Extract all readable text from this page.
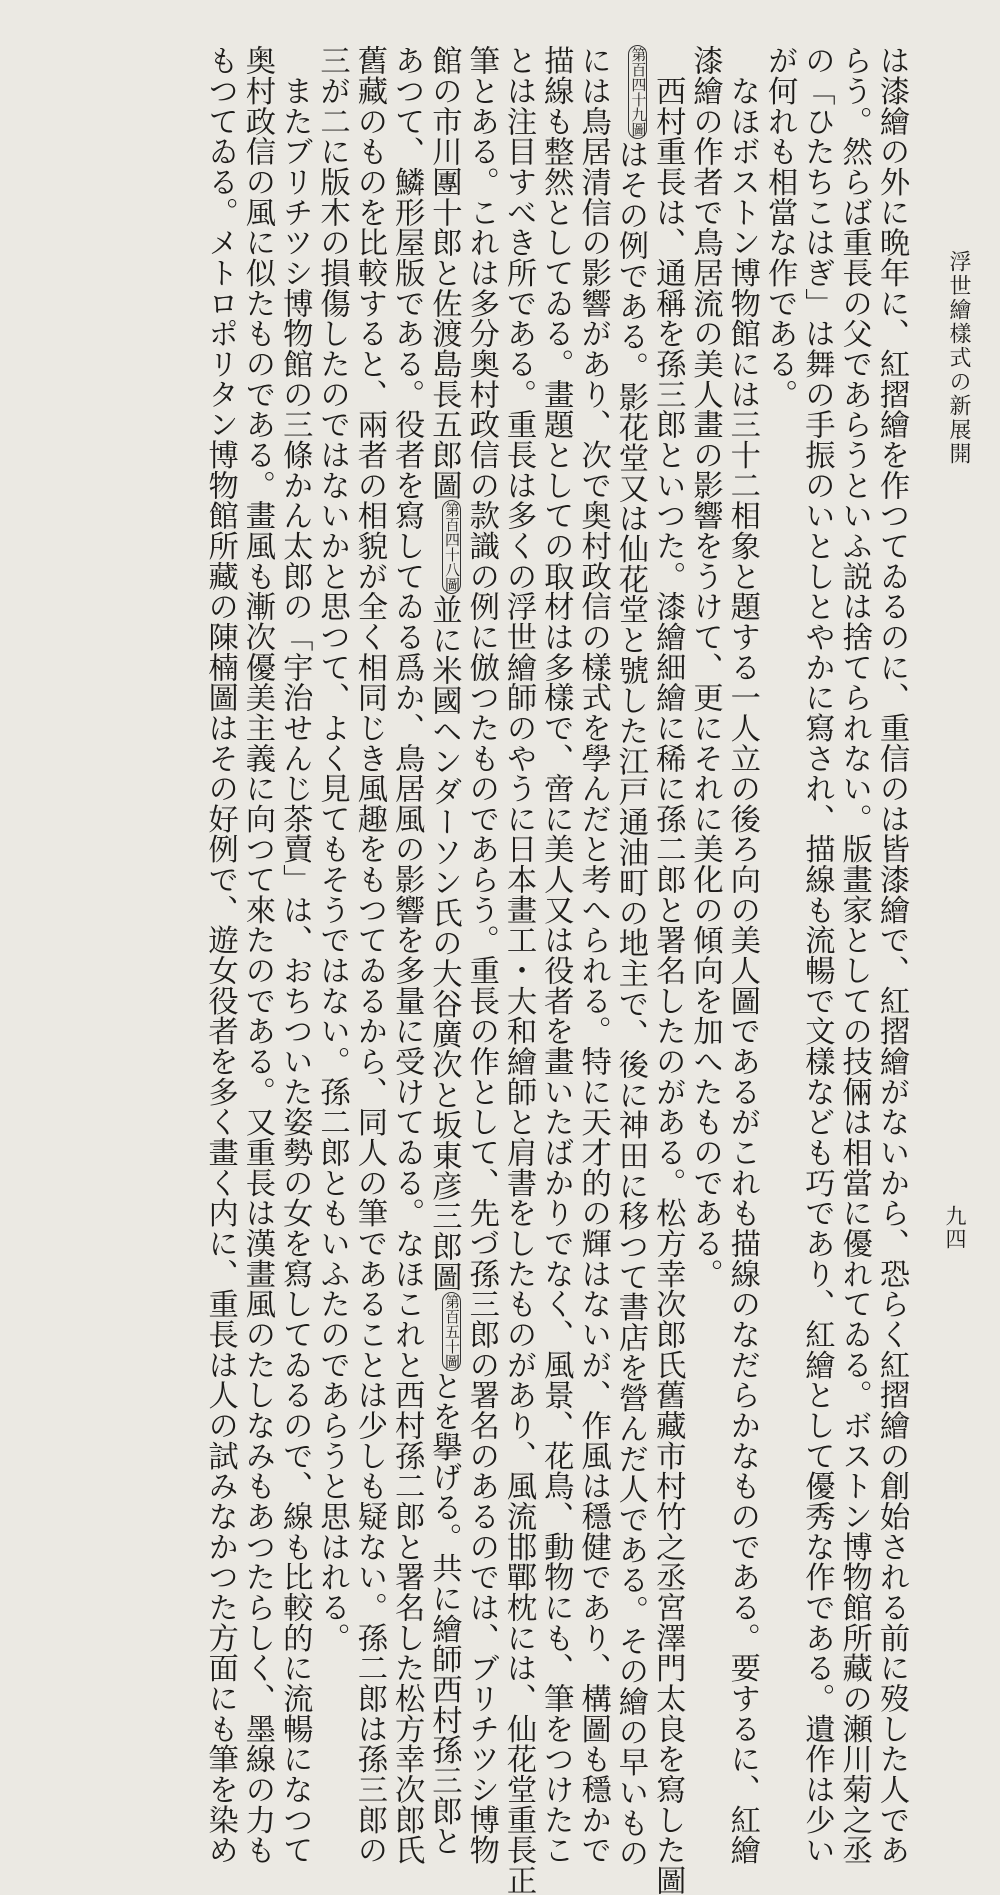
浮世繪樣式の新展開
九四

は漆繪の外に晩年に、紅摺繪を作つてゐるのに、重信のは皆漆繪で、紅摺繪がないから、恐らく紅摺繪の創始される前に歿した人であ

らう。然らば重長の父であらうといふ説は捨てられない。版畫家としての技倆は相當に優れてゐる。ボストン博物館所藏の瀬川菊之丞

の「ひたちこはぎ」は舞の手振のいとしとやかに寫され、描線も流暢で文樣なども巧であり、紅繪として優秀な作である。遺作は少い

が何れも相當な作である。

　なほボストン博物館には三十二相象と題する一人立の後ろ向の美人圖であるがこれも描線のなだらかなものである。要するに、紅繪

漆繪の作者で鳥居流の美人畫の影響をうけて、更にそれに美化の傾向を加へたものである。

　西村重長は、通稱を孫三郎といつた。漆繪細繪に稀に孫二郎と署名したのがある。松方幸次郎氏舊藏市村竹之丞宮澤門太良を寫した圖

第百四十九圖はその例である。影花堂又は仙花堂と號した江戸通油町の地主で、後に神田に移つて書店を營んだ人である。その繪の早いもの

には鳥居清信の影響があり、次で奥村政信の樣式を學んだと考へられる。特に天才的の輝はないが、作風は穩健であり、構圖も穩かで

描線も整然としてゐる。畫題としての取材は多樣で、啻に美人又は役者を畫いたばかりでなく、風景、花鳥、動物にも、筆をつけたこ

とは注目すべき所である。重長は多くの浮世繪師のやうに日本畫工・大和繪師と肩書をしたものがあり、風流邯鄲枕には、仙花堂重長正

筆とある。これは多分奥村政信の款識の例に倣つたものであらう。重長の作として、先づ孫三郎の署名のあるのでは、ブリチツシ博物

館の市川團十郎と佐渡島長五郎圖第百四十八圖並に米國ヘンダーソン氏の大谷廣次と坂東彦三郎圖第百五十圖とを擧げる。共に繪師西村孫三郎と

あつて、鱗形屋版である。役者を寫してゐる爲か、鳥居風の影響を多量に受けてゐる。なほこれと西村孫二郎と署名した松方幸次郎氏

舊藏のものを比較すると、兩者の相貌が全く相同じき風趣をもつてゐるから、同人の筆であることは少しも疑ない。孫二郎は孫三郎の

三が二に版木の損傷したのではないかと思つて、よく見てもそうではない。孫二郎ともいふたのであらうと思はれる。

　またブリチツシ博物館の三條かん太郎の「宇治せんじ茶賣」は、おちついた姿勢の女を寫してゐるので、線も比較的に流暢になつて

奥村政信の風に似たものである。畫風も漸次優美主義に向つて來たのである。又重長は漢畫風のたしなみもあつたらしく、墨線の力も

もつてゐる。メトロポリタン博物館所藏の陳楠圖はその好例で、遊女役者を多く畫く内に、重長は人の試みなかつた方面にも筆を染め
